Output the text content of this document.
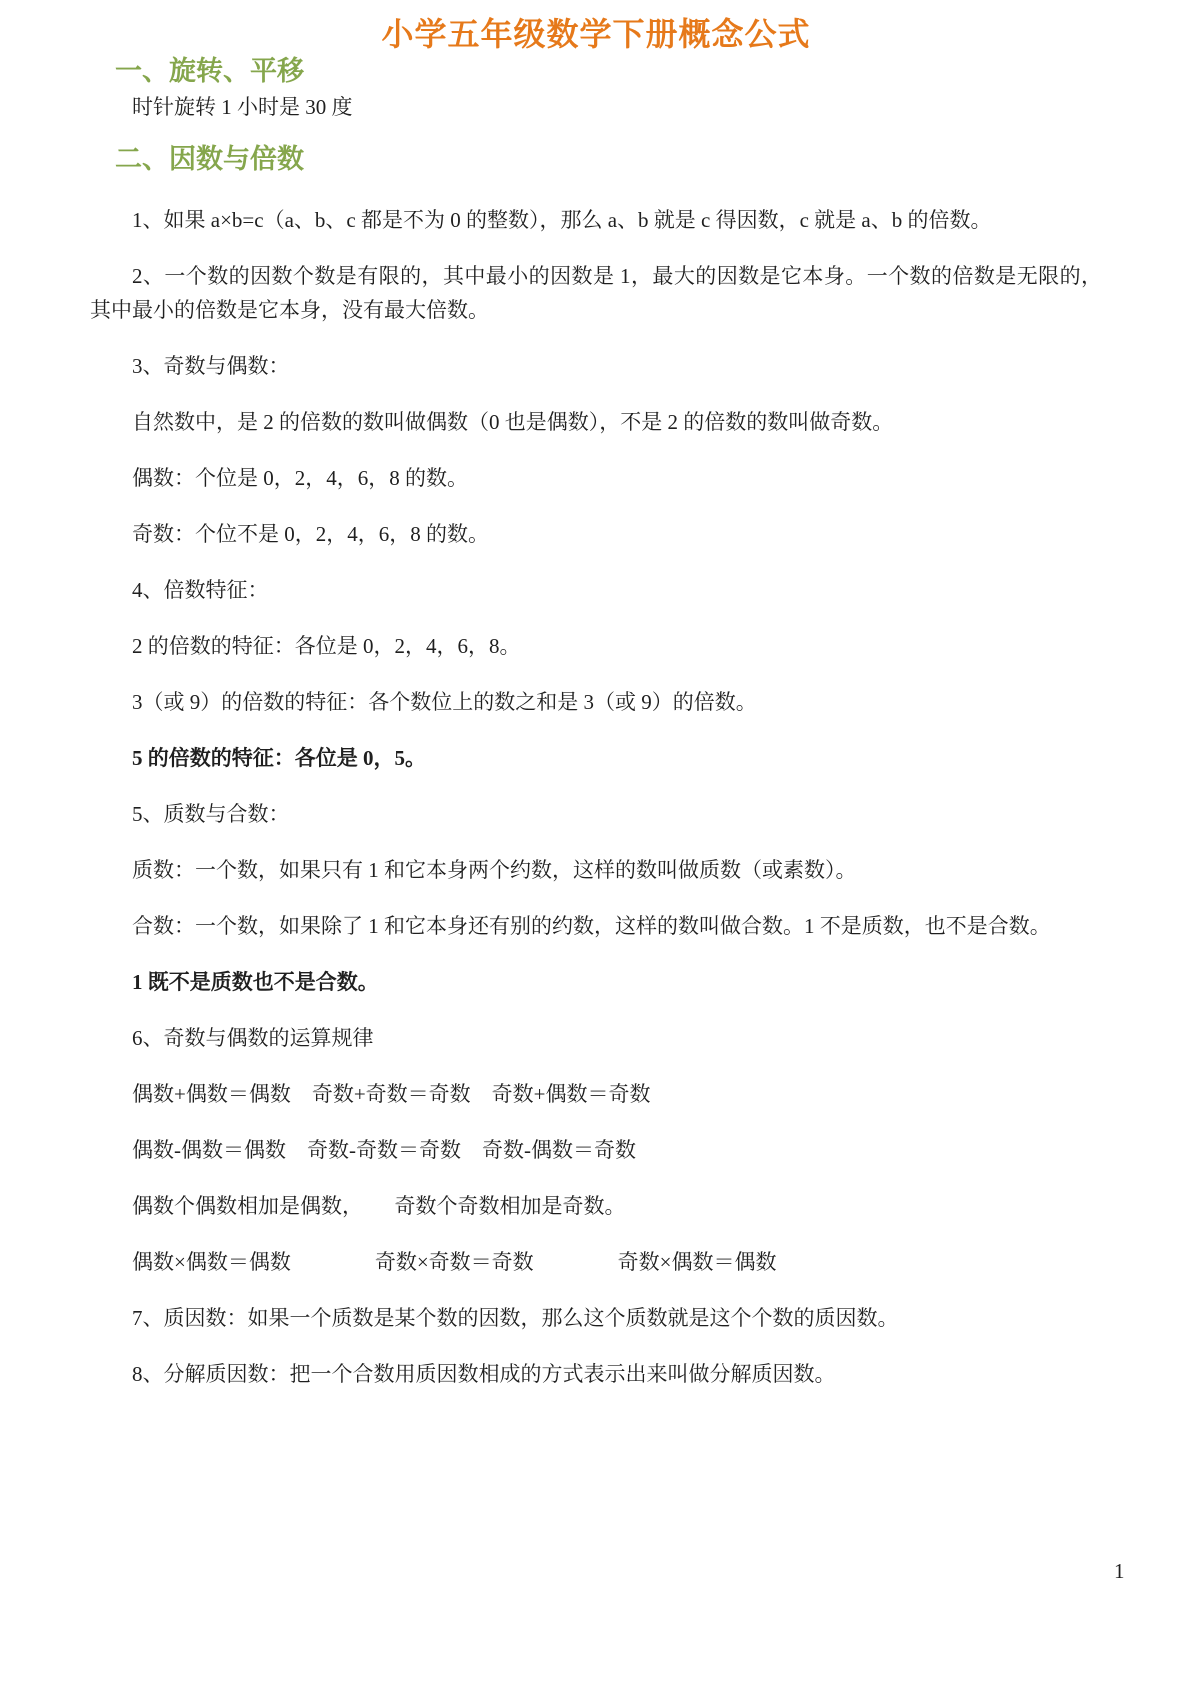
小学五年级数学下册概念公式
一、旋转、平移

时针旋转 1 小时是 30 度

二、因数与倍数

1、如果 a×b=c（a、b、c 都是不为 0 的整数），那么 a、b 就是 c 得因数，c 就是 a、b 的倍数。

2、一个数的因数个数是有限的，其中最小的因数是 1，最大的因数是它本身。一个数的倍数是无限的，其中最小的倍数是它本身，没有最大倍数。

3、奇数与偶数：

自然数中，是 2 的倍数的数叫做偶数（0 也是偶数），不是 2 的倍数的数叫做奇数。

偶数：个位是 0，2，4，6，8 的数。

奇数：个位不是 0，2，4，6，8 的数。

4、倍数特征：

2 的倍数的特征：各位是 0，2，4，6，8。

3（或 9）的倍数的特征：各个数位上的数之和是 3（或 9）的倍数。

5 的倍数的特征：各位是 0，5。

5、质数与合数：

质数：一个数，如果只有 1 和它本身两个约数，这样的数叫做质数（或素数）。

合数：一个数，如果除了 1 和它本身还有别的约数，这样的数叫做合数。1 不是质数，也不是合数。

1 既不是质数也不是合数。

6、奇数与偶数的运算规律

偶数+偶数＝偶数　奇数+奇数＝奇数　奇数+偶数＝奇数

偶数-偶数＝偶数　奇数-奇数＝奇数　奇数-偶数＝奇数

偶数个偶数相加是偶数，　　奇数个奇数相加是奇数。

偶数×偶数＝偶数　　　　奇数×奇数＝奇数　　　　奇数×偶数＝偶数

7、质因数：如果一个质数是某个数的因数，那么这个质数就是这个个数的质因数。

8、分解质因数：把一个合数用质因数相成的方式表示出来叫做分解质因数。

1
